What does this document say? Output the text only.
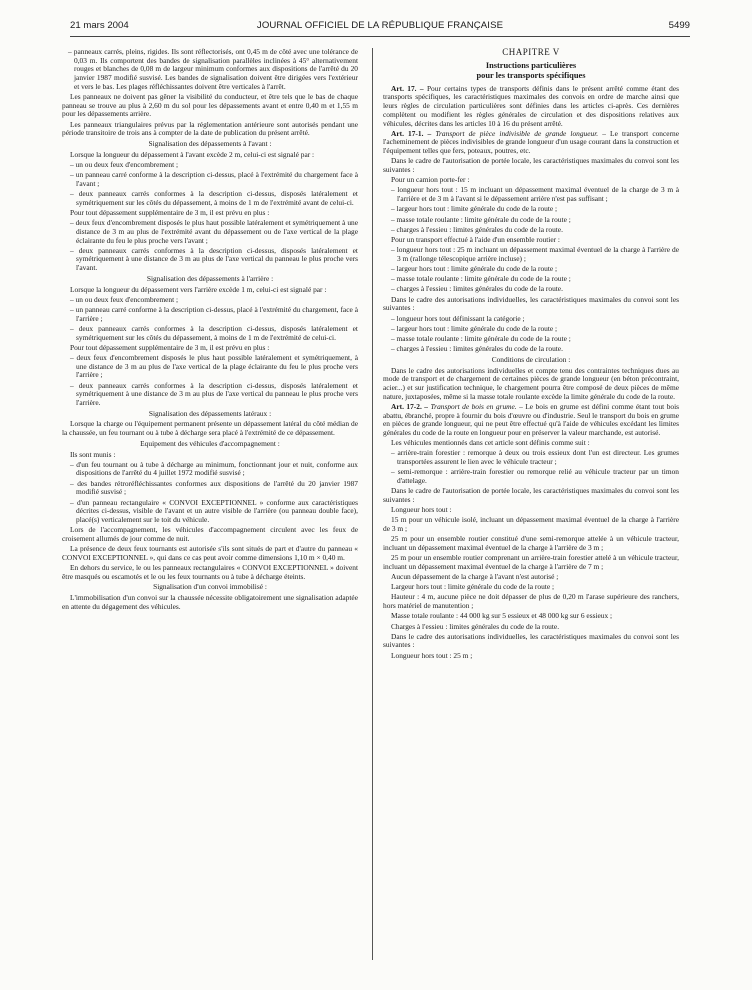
21 mars 2004	JOURNAL OFFICIEL DE LA RÉPUBLIQUE FRANÇAISE	5499

– panneaux carrés, pleins, rigides. Ils sont réflectorisés, ont 0,45 m de côté avec une tolérance de 0,03 m. Ils comportent des bandes de signalisation parallèles inclinées à 45° alternativement rouges et blanches de 0,08 m de largeur minimum conformes aux dispositions de l'arrêté du 20 janvier 1987 modifié susvisé. Les bandes de signalisation doivent être dirigées vers l'extérieur et vers le bas. Les plages réfléchissantes doivent être verticales à l'arrêt.

Les panneaux ne doivent pas gêner la visibilité du conducteur, et être tels que le bas de chaque panneau se trouve au plus à 2,60 m du sol pour les dépassements avant et entre 0,40 m et 1,55 m pour les dépassements arrière.

Les panneaux triangulaires prévus par la réglementation antérieure sont autorisés pendant une période transitoire de trois ans à compter de la date de publication du présent arrêté.

Signalisation des dépassements à l'avant :

Lorsque la longueur du dépassement à l'avant excède 2 m, celui-ci est signalé par :

– un ou deux feux d'encombrement ;

– un panneau carré conforme à la description ci-dessus, placé à l'extrémité du chargement face à l'avant ;

– deux panneaux carrés conformes à la description ci-dessus, disposés latéralement et symétriquement sur les côtés du dépassement, à moins de 1 m de l'extrémité avant de celui-ci.

Pour tout dépassement supplémentaire de 3 m, il est prévu en plus :

– deux feux d'encombrement disposés le plus haut possible latéralement et symétriquement à une distance de 3 m au plus de l'extrémité avant du dépassement ou de l'axe vertical de la plage éclairante du feu le plus proche vers l'avant ;

– deux panneaux carrés conformes à la description ci-dessus, disposés latéralement et symétriquement à une distance de 3 m au plus de l'axe vertical du panneau le plus proche vers l'avant.

Signalisation des dépassements à l'arrière :

Lorsque la longueur du dépassement vers l'arrière excède 1 m, celui-ci est signalé par :

– un ou deux feux d'encombrement ;

– un panneau carré conforme à la description ci-dessus, placé à l'extrémité du chargement, face à l'arrière ;

– deux panneaux carrés conformes à la description ci-dessus, disposés latéralement et symétriquement sur les côtés du dépassement, à moins de 1 m de l'extrémité de celui-ci.

Pour tout dépassement supplémentaire de 3 m, il est prévu en plus :

– deux feux d'encombrement disposés le plus haut possible latéralement et symétriquement, à une distance de 3 m au plus de l'axe vertical de la plage éclairante du feu le plus proche vers l'arrière ;

– deux panneaux carrés conformes à la description ci-dessus, disposés latéralement et symétriquement à une distance de 3 m au plus de l'axe vertical du panneau le plus proche vers l'arrière.

Signalisation des dépassements latéraux :

Lorsque la charge ou l'équipement permanent présente un dépassement latéral du côté médian de la chaussée, un feu tournant ou à tube à décharge sera placé à l'extrémité de ce dépassement.

Equipement des véhicules d'accompagnement :

Ils sont munis :

– d'un feu tournant ou à tube à décharge au minimum, fonctionnant jour et nuit, conforme aux dispositions de l'arrêté du 4 juillet 1972 modifié susvisé ;

– des bandes rétroréfléchissantes conformes aux dispositions de l'arrêté du 20 janvier 1987 modifié susvisé ;

– d'un panneau rectangulaire « CONVOI EXCEPTIONNEL » conforme aux caractéristiques décrites ci-dessus, visible de l'avant et un autre visible de l'arrière (ou panneau double face), placé(s) verticalement sur le toit du véhicule.

Lors de l'accompagnement, les véhicules d'accompagnement circulent avec les feux de croisement allumés de jour comme de nuit.

La présence de deux feux tournants est autorisée s'ils sont situés de part et d'autre du panneau « CONVOI EXCEPTIONNEL », qui dans ce cas peut avoir comme dimensions 1,10 m × 0,40 m.

En dehors du service, le ou les panneaux rectangulaires « CONVOI EXCEPTIONNEL » doivent être masqués ou escamotés et le ou les feux tournants ou à tube à décharge éteints.

Signalisation d'un convoi immobilisé :

L'immobilisation d'un convoi sur la chaussée nécessite obligatoirement une signalisation adaptée en attente du dégagement des véhicules.

CHAPITRE V
Instructions particulières
pour les transports spécifiques

Art. 17. – Pour certains types de transports définis dans le présent arrêté comme étant des transports spécifiques, les caractéristiques maximales des convois en ordre de marche ainsi que leurs règles de circulation particulières sont définies dans les articles ci-après. Ces dernières complètent ou modifient les règles générales de circulation et des dispositions relatives aux véhicules, décrites dans les articles 10 à 16 du présent arrêté.

Art. 17-1. – Transport de pièce indivisible de grande longueur. – Le transport concerne l'acheminement de pièces indivisibles de grande longueur d'un usage courant dans la construction et l'équipement telles que fers, poteaux, poutres, etc.

Dans le cadre de l'autorisation de portée locale, les caractéristiques maximales du convoi sont les suivantes :

Pour un camion porte-fer :

– longueur hors tout : 15 m incluant un dépassement maximal éventuel de la charge de 3 m à l'arrière et de 3 m à l'avant si le dépassement arrière n'est pas suffisant ;

– largeur hors tout : limite générale du code de la route ;

– masse totale roulante : limite générale du code de la route ;

– charges à l'essieu : limites générales du code de la route.

Pour un transport effectué à l'aide d'un ensemble routier :

– longueur hors tout : 25 m incluant un dépassement maximal éventuel de la charge à l'arrière de 3 m (rallonge télescopique arrière incluse) ;

– largeur hors tout : limite générale du code de la route ;

– masse totale roulante : limite générale du code de la route ;

– charges à l'essieu : limites générales du code de la route.

Dans le cadre des autorisations individuelles, les caractéristiques maximales du convoi sont les suivantes :

– longueur hors tout définissant la catégorie ;

– largeur hors tout : limite générale du code de la route ;

– masse totale roulante : limite générale du code de la route ;

– charges à l'essieu : limites générales du code de la route.

Conditions de circulation :

Dans le cadre des autorisations individuelles et compte tenu des contraintes techniques dues au mode de transport et de chargement de certaines pièces de grande longueur (en béton précontraint, acier...) et sur justification technique, le chargement pourra être composé de deux pièces de même nature, juxtaposées, même si la masse totale roulante excède la limite générale du code de la route.

Art. 17-2. – Transport de bois en grume. – Le bois en grume est défini comme étant tout bois abattu, ébranché, propre à fournir du bois d'œuvre ou d'industrie. Seul le transport du bois en grume en pièces de grande longueur, qui ne peut être effectué qu'à l'aide de véhicules excédant les limites générales du code de la route en longueur pour en préserver la valeur marchande, est autorisé.

Les véhicules mentionnés dans cet article sont définis comme suit :

– arrière-train forestier : remorque à deux ou trois essieux dont l'un est directeur. Les grumes transportées assurent le lien avec le véhicule tracteur ;

– semi-remorque : arrière-train forestier ou remorque relié au véhicule tracteur par un timon d'attelage.

Dans le cadre de l'autorisation de portée locale, les caractéristiques maximales du convoi sont les suivantes :

Longueur hors tout :

15 m pour un véhicule isolé, incluant un dépassement maximal éventuel de la charge à l'arrière de 3 m ;

25 m pour un ensemble routier constitué d'une semi-remorque attelée à un véhicule tracteur, incluant un dépassement maximal éventuel de la charge à l'arrière de 3 m ;

25 m pour un ensemble routier comprenant un arrière-train forestier attelé à un véhicule tracteur, incluant un dépassement maximal éventuel de la charge à l'arrière de 7 m ;

Aucun dépassement de la charge à l'avant n'est autorisé ;

Largeur hors tout : limite générale du code de la route ;

Hauteur : 4 m, aucune pièce ne doit dépasser de plus de 0,20 m l'arase supérieure des ranchers, hors matériel de manutention ;

Masse totale roulante : 44 000 kg sur 5 essieux et 48 000 kg sur 6 essieux ;

Charges à l'essieu : limites générales du code de la route.

Dans le cadre des autorisations individuelles, les caractéristiques maximales du convoi sont les suivantes :

Longueur hors tout : 25 m ;
